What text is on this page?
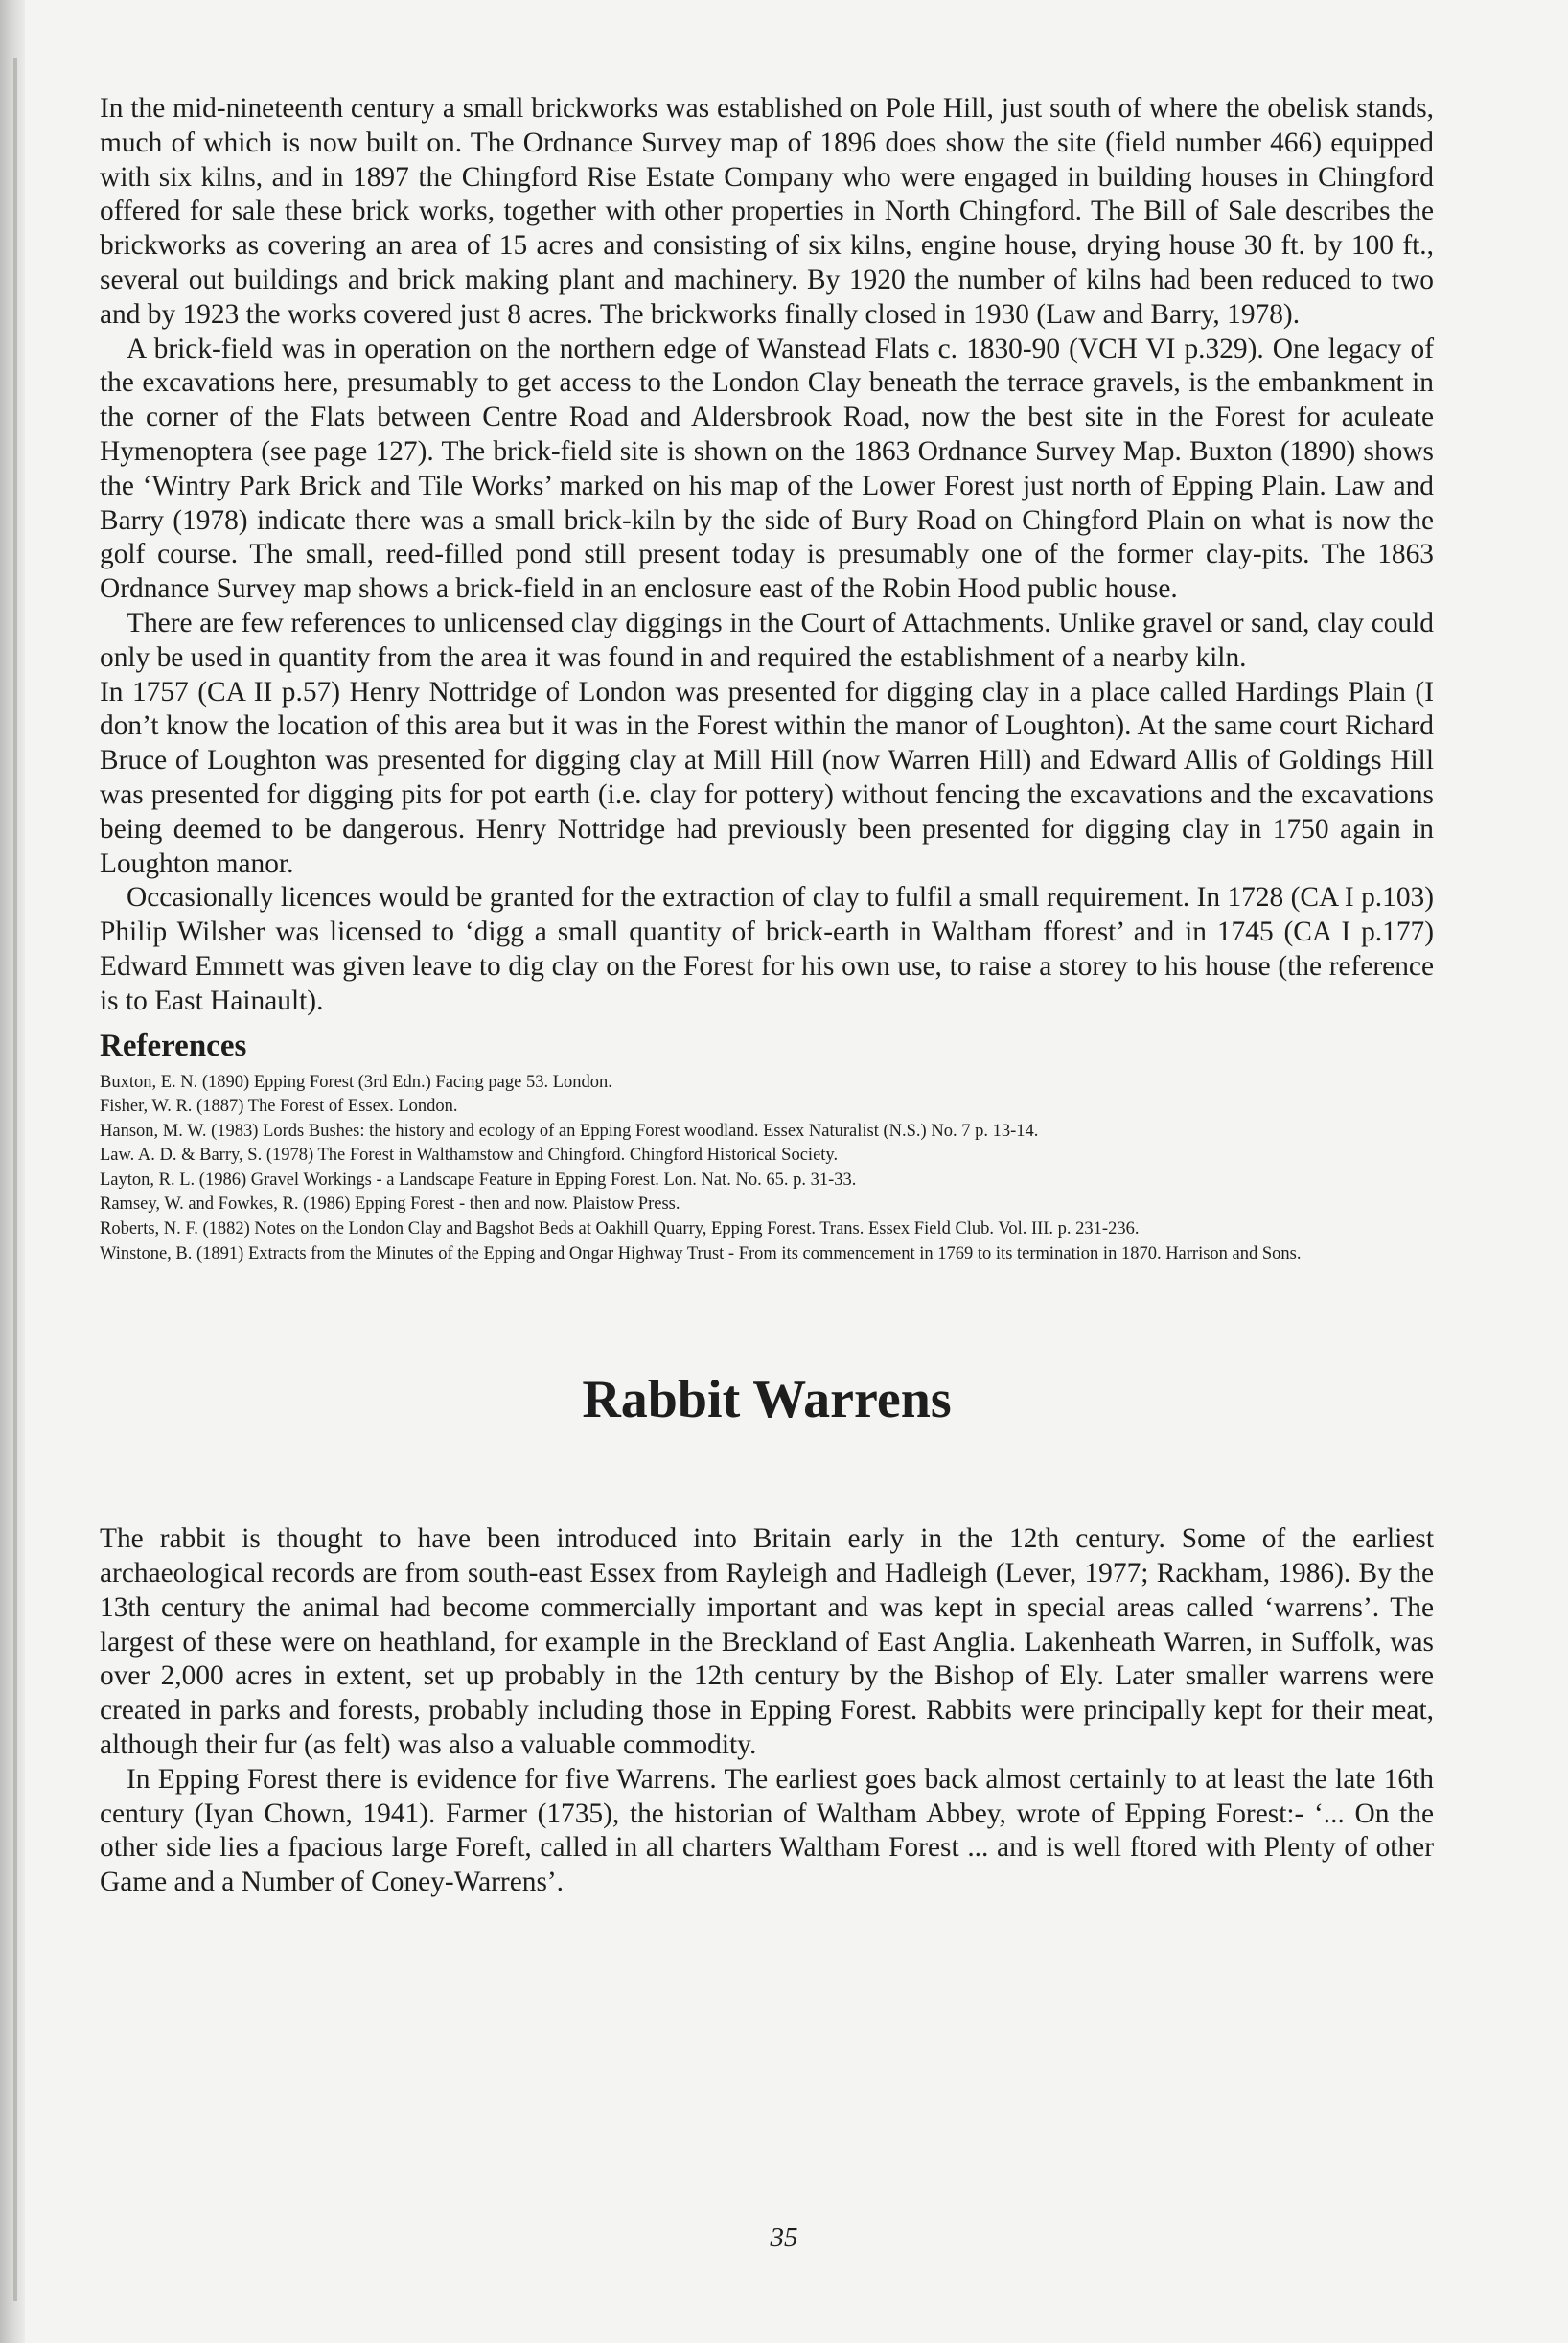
In the mid-nineteenth century a small brickworks was established on Pole Hill, just south of where the obelisk stands, much of which is now built on. The Ordnance Survey map of 1896 does show the site (field number 466) equipped with six kilns, and in 1897 the Chingford Rise Estate Company who were engaged in building houses in Chingford offered for sale these brick works, together with other properties in North Chingford. The Bill of Sale describes the brickworks as covering an area of 15 acres and consisting of six kilns, engine house, drying house 30 ft. by 100 ft., several out buildings and brick making plant and machinery. By 1920 the number of kilns had been reduced to two and by 1923 the works covered just 8 acres. The brickworks finally closed in 1930 (Law and Barry, 1978).

A brick-field was in operation on the northern edge of Wanstead Flats c. 1830-90 (VCH VI p.329). One legacy of the excavations here, presumably to get access to the London Clay beneath the terrace gravels, is the embankment in the corner of the Flats between Centre Road and Aldersbrook Road, now the best site in the Forest for aculeate Hymenoptera (see page 127). The brick-field site is shown on the 1863 Ordnance Survey Map. Buxton (1890) shows the ‘Wintry Park Brick and Tile Works’ marked on his map of the Lower Forest just north of Epping Plain. Law and Barry (1978) indicate there was a small brick-kiln by the side of Bury Road on Chingford Plain on what is now the golf course. The small, reed-filled pond still present today is presumably one of the former clay-pits. The 1863 Ordnance Survey map shows a brick-field in an enclosure east of the Robin Hood public house.

There are few references to unlicensed clay diggings in the Court of Attachments. Unlike gravel or sand, clay could only be used in quantity from the area it was found in and required the establishment of a nearby kiln.

In 1757 (CA II p.57) Henry Nottridge of London was presented for digging clay in a place called Hardings Plain (I don’t know the location of this area but it was in the Forest within the manor of Loughton). At the same court Richard Bruce of Loughton was presented for digging clay at Mill Hill (now Warren Hill) and Edward Allis of Goldings Hill was presented for digging pits for pot earth (i.e. clay for pottery) without fencing the excavations and the excavations being deemed to be dangerous. Henry Nottridge had previously been presented for digging clay in 1750 again in Loughton manor.

Occasionally licences would be granted for the extraction of clay to fulfil a small requirement. In 1728 (CA I p.103) Philip Wilsher was licensed to ‘digg a small quantity of brick-earth in Waltham fforest’ and in 1745 (CA I p.177) Edward Emmett was given leave to dig clay on the Forest for his own use, to raise a storey to his house (the reference is to East Hainault).

References

Buxton, E. N. (1890) Epping Forest (3rd Edn.) Facing page 53. London.

Fisher, W. R. (1887) The Forest of Essex. London.

Hanson, M. W. (1983) Lords Bushes: the history and ecology of an Epping Forest woodland. Essex Naturalist (N.S.) No. 7 p. 13-14.

Law. A. D. & Barry, S. (1978) The Forest in Walthamstow and Chingford. Chingford Historical Society.

Layton, R. L. (1986) Gravel Workings - a Landscape Feature in Epping Forest. Lon. Nat. No. 65. p. 31-33.

Ramsey, W. and Fowkes, R. (1986) Epping Forest - then and now. Plaistow Press.

Roberts, N. F. (1882) Notes on the London Clay and Bagshot Beds at Oakhill Quarry, Epping Forest. Trans. Essex Field Club. Vol. III. p. 231-236.

Winstone, B. (1891) Extracts from the Minutes of the Epping and Ongar Highway Trust - From its commencement in 1769 to its termination in 1870. Harrison and Sons.

Rabbit Warrens

The rabbit is thought to have been introduced into Britain early in the 12th century. Some of the earliest archaeological records are from south-east Essex from Rayleigh and Hadleigh (Lever, 1977; Rackham, 1986). By the 13th century the animal had become commercially important and was kept in special areas called ‘warrens’. The largest of these were on heathland, for example in the Breckland of East Anglia. Lakenheath Warren, in Suffolk, was over 2,000 acres in extent, set up probably in the 12th century by the Bishop of Ely. Later smaller warrens were created in parks and forests, probably including those in Epping Forest. Rabbits were principally kept for their meat, although their fur (as felt) was also a valuable commodity.

In Epping Forest there is evidence for five Warrens. The earliest goes back almost certainly to at least the late 16th century (Iyan Chown, 1941). Farmer (1735), the historian of Waltham Abbey, wrote of Epping Forest:- ‘... On the other side lies a fpacious large Foreft, called in all charters Waltham Forest ... and is well ftored with Plenty of other Game and a Number of Coney-Warrens’.

35
